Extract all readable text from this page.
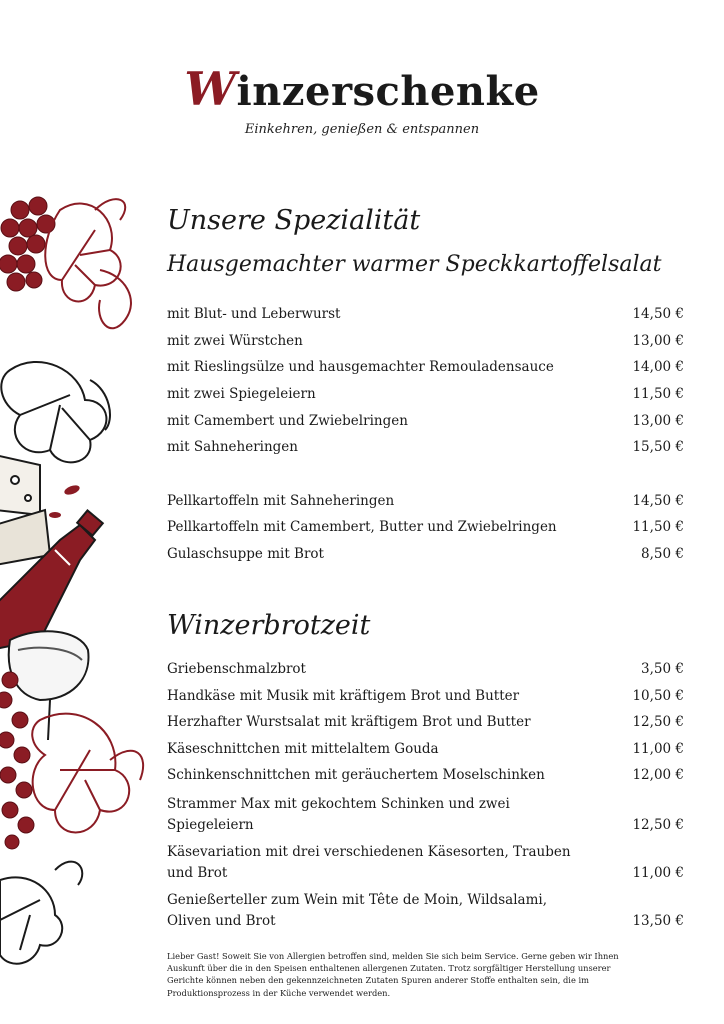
Winzerschenke
Einkehren, genießen & entspannen
Unsere Spezialität
Hausgemachter warmer Speckkartoffelsalat
mit Blut- und Leberwurst	14,50 €
mit zwei Würstchen	13,00 €
mit Rieslingsülze und hausgemachter Remouladensauce	14,00 €
mit zwei Spiegeleiern	11,50 €
mit Camembert und Zwiebelringen	13,00 €
mit Sahneheringen	15,50 €
Pellkartoffeln mit Sahneheringen	14,50 €
Pellkartoffeln mit Camembert, Butter und Zwiebelringen	11,50 €
Gulaschsuppe mit Brot	8,50 €
Winzerbrotzeit
Griebenschmalzbrot	3,50 €
Handkäse mit Musik mit kräftigem Brot und Butter	10,50 €
Herzhafter Wurstsalat mit kräftigem Brot und Butter	12,50 €
Käseschnittchen mit mittelaltem Gouda	11,00 €
Schinkenschnittchen mit geräuchertem Moselschinken	12,00 €
Strammer Max mit gekochtem Schinken und zwei Spiegeleiern	12,50 €
Käsevariation mit drei verschiedenen Käsesorten, Trauben und Brot	11,00 €
Genießerteller zum Wein mit Tête de Moin, Wildsalami, Oliven und Brot	13,50 €
Lieber Gast! Soweit Sie von Allergien betroffen sind, melden Sie sich beim Service. Gerne geben wir Ihnen Auskunft über die in den Speisen enthaltenen allergenen Zutaten. Trotz sorgfältiger Herstellung unserer Gerichte können neben den gekennzeichneten Zutaten Spuren anderer Stoffe enthalten sein, die im Produktionsprozess in der Küche verwendet werden.
